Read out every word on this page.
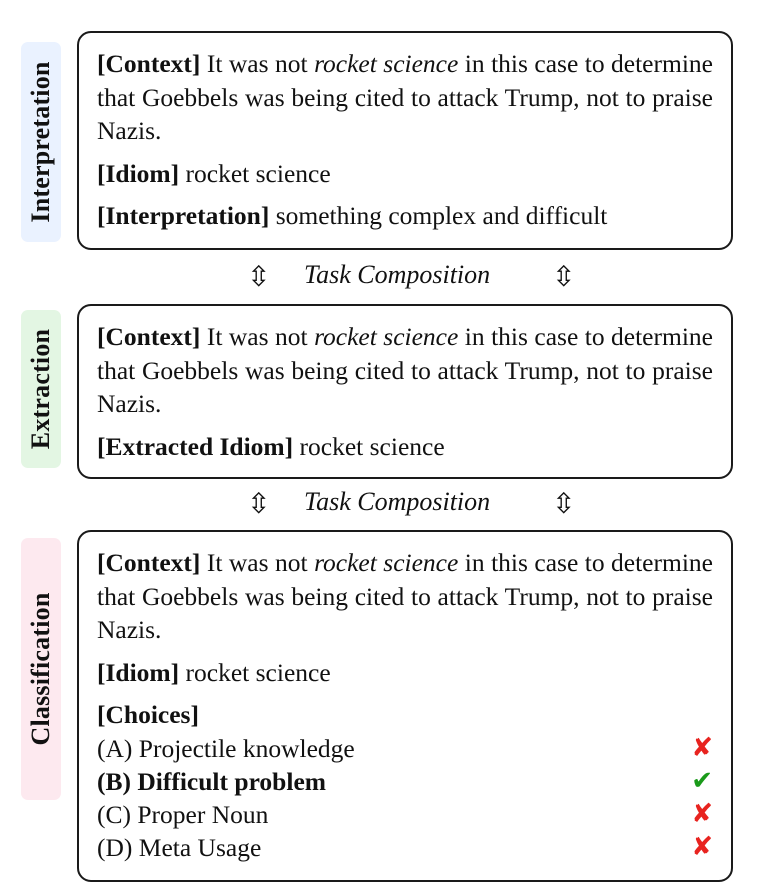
Interpretation
Extraction
Classification

[Context] It was not rocket science in this case to determine that Goebbels was being cited to attack Trump, not to praise Nazis.

[Idiom] rocket science

[Interpretation] something complex and difficult

⇳ Task Composition ⇳

[Context] It was not rocket science in this case to determine that Goebbels was being cited to attack Trump, not to praise Nazis.

[Extracted Idiom] rocket science

⇳ Task Composition ⇳

[Context] It was not rocket science in this case to determine that Goebbels was being cited to attack Trump, not to praise Nazis.

[Idiom] rocket science

[Choices]
(A) Projectile knowledge	✘
(B) Difficult problem	✔
(C) Proper Noun	✘
(D) Meta Usage	✘
